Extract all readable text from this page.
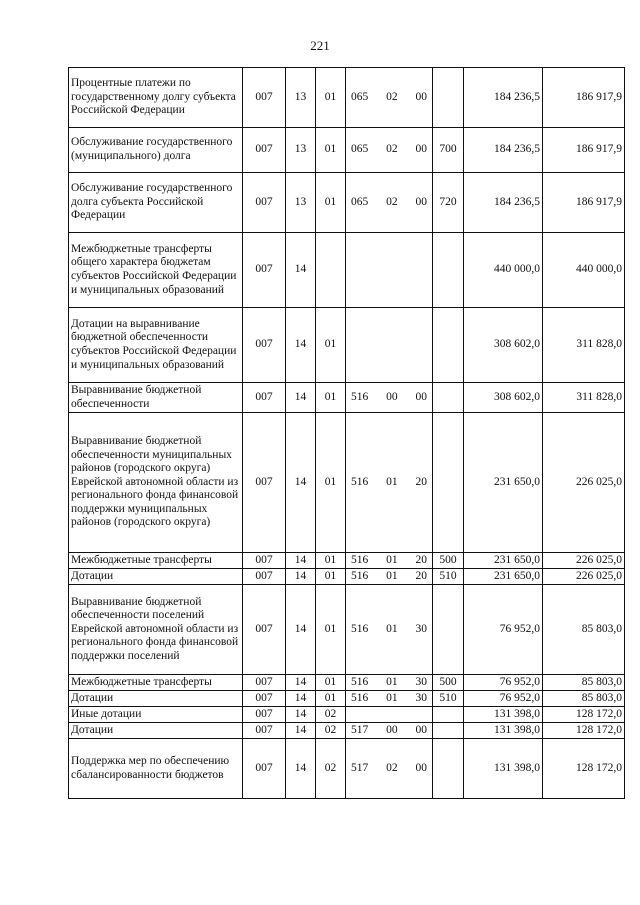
221
Процентные платежи по государственному долгу субъекта Российской Федерации	007	13	01	065 02 00		184 236,5	186 917,9
Обслуживание государственного (муниципального) долга	007	13	01	065 02 00	700	184 236,5	186 917,9
Обслуживание государственного долга субъекта Российской Федерации	007	13	01	065 02 00	720	184 236,5	186 917,9
Межбюджетные трансферты общего характера бюджетам субъектов Российской Федерации и муниципальных образований	007	14				440 000,0	440 000,0
Дотации на выравнивание бюджетной обеспеченности субъектов Российской Федерации и муниципальных образований	007	14	01			308 602,0	311 828,0
Выравнивание бюджетной обеспеченности	007	14	01	516 00 00		308 602,0	311 828,0
Выравнивание бюджетной обеспеченности муниципальных районов (городского округа) Еврейской автономной области из регионального фонда финансовой поддержки муниципальных районов (городского округа)	007	14	01	516 01 20		231 650,0	226 025,0
Межбюджетные трансферты	007	14	01	516 01 20	500	231 650,0	226 025,0
Дотации	007	14	01	516 01 20	510	231 650,0	226 025,0
Выравнивание бюджетной обеспеченности поселений Еврейской автономной области из регионального фонда финансовой поддержки поселений	007	14	01	516 01 30		76 952,0	85 803,0
Межбюджетные трансферты	007	14	01	516 01 30	500	76 952,0	85 803,0
Дотации	007	14	01	516 01 30	510	76 952,0	85 803,0
Иные дотации	007	14	02			131 398,0	128 172,0
Дотации	007	14	02	517 00 00		131 398,0	128 172,0
Поддержка мер по обеспечению сбалансированности бюджетов	007	14	02	517 02 00		131 398,0	128 172,0
